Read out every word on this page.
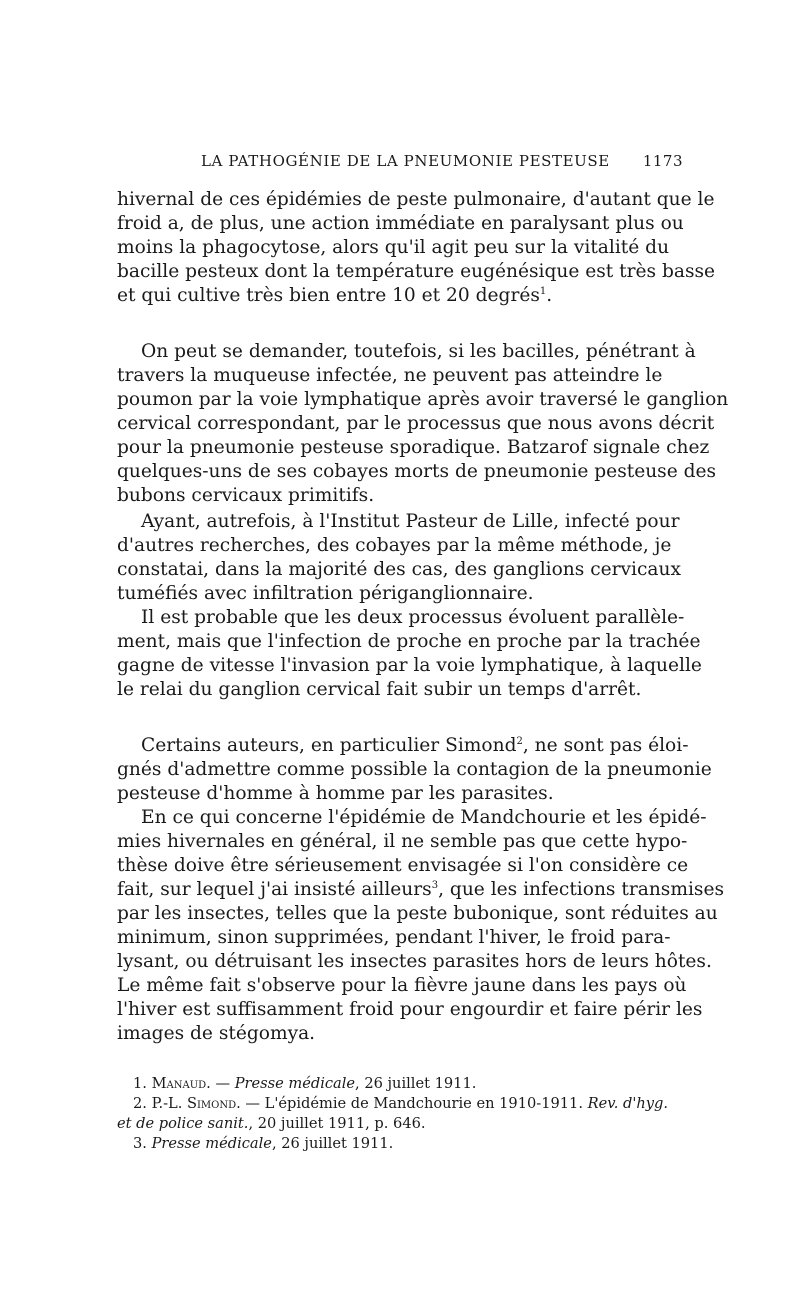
LA PATHOGÉNIE DE LA PNEUMONIE PESTEUSE 1173
hivernal de ces épidémies de peste pulmonaire, d'autant que le
froid a, de plus, une action immédiate en paralysant plus ou
moins la phagocytose, alors qu'il agit peu sur la vitalité du
bacille pesteux dont la température eugénésique est très basse
et qui cultive très bien entre 10 et 20 degrés$^1$.
On peut se demander, toutefois, si les bacilles, pénétrant à
travers la muqueuse infectée, ne peuvent pas atteindre le
poumon par la voie lymphatique après avoir traversé le ganglion
cervical correspondant, par le processus que nous avons décrit
pour la pneumonie pesteuse sporadique. Batzarof signale chez
quelques-uns de ses cobayes morts de pneumonie pesteuse des
bubons cervicaux primitifs.
Ayant, autrefois, à l'Institut Pasteur de Lille, infecté pour
d'autres recherches, des cobayes par la même méthode, je
constatai, dans la majorité des cas, des ganglions cervicaux
tuméfiés avec infiltration périganglionnaire.
Il est probable que les deux processus évoluent parallèle-
ment, mais que l'infection de proche en proche par la trachée
gagne de vitesse l'invasion par la voie lymphatique, à laquelle
le relai du ganglion cervical fait subir un temps d'arrêt.
Certains auteurs, en particulier Simond$^2$, ne sont pas éloi-
gnés d'admettre comme possible la contagion de la pneumonie
pesteuse d'homme à homme par les parasites.
En ce qui concerne l'épidémie de Mandchourie et les épidé-
mies hivernales en général, il ne semble pas que cette hypo-
thèse doive être sérieusement envisagée si l'on considère ce
fait, sur lequel j'ai insisté ailleurs$^3$, que les infections transmises
par les insectes, telles que la peste bubonique, sont réduites au
minimum, sinon supprimées, pendant l'hiver, le froid para-
lysant, ou détruisant les insectes parasites hors de leurs hôtes.
Le même fait s'observe pour la fièvre jaune dans les pays où
l'hiver est suffisamment froid pour engourdir et faire périr les
images de stégomya.
1. Manaud. — Presse médicale, 26 juillet 1911.
2. P.-L. Simond. — L'épidémie de Mandchourie en 1910-1911. Rev. d'hyg.
et de police sanit., 20 juillet 1911, p. 646.
3. Presse médicale, 26 juillet 1911.
